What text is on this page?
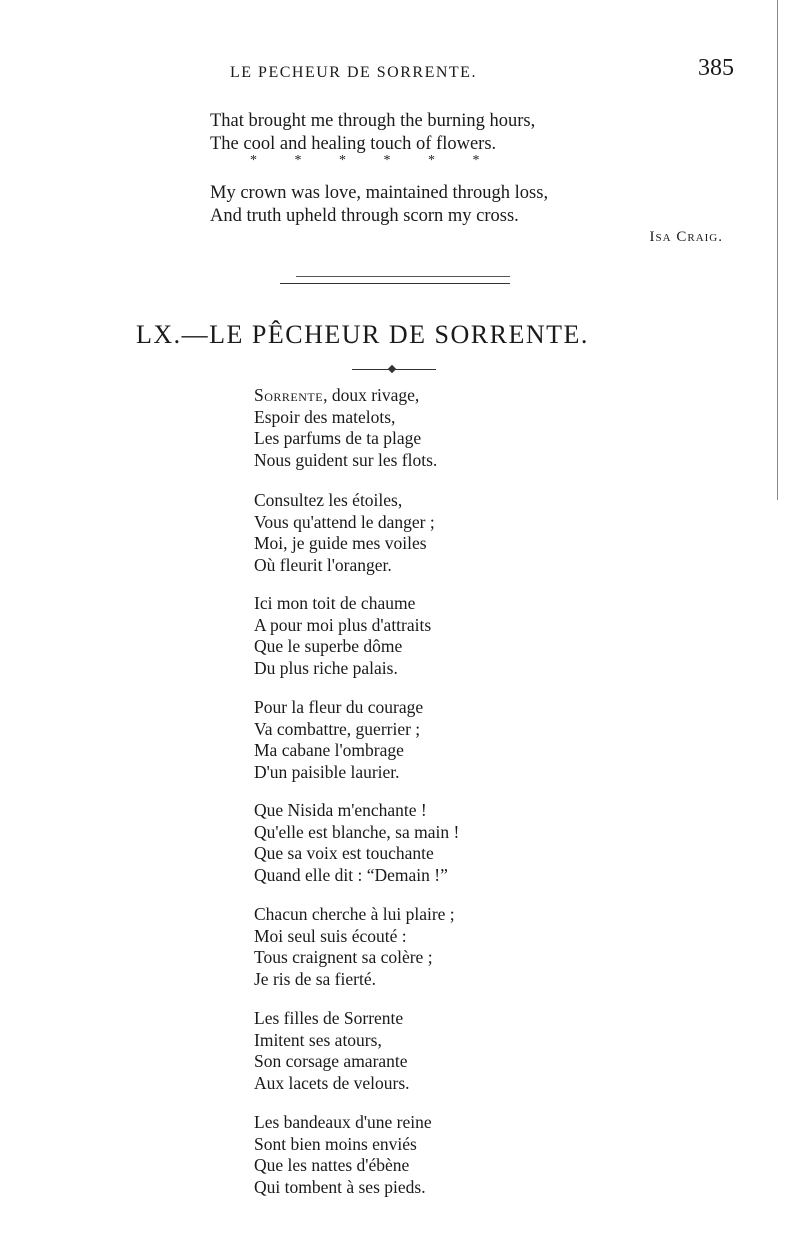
LE PECHEUR DE SORRENTE.	385
That brought me through the burning hours,
The cool and healing touch of flowers.
* * * * * *
My crown was love, maintained through loss,
And truth upheld through scorn my cross.
Isa Craig.
LX.—LE PÊCHEUR DE SORRENTE.
Sorrente, doux rivage,
Espoir des matelots,
Les parfums de ta plage
Nous guident sur les flots.
Consultez les étoiles,
Vous qu'attend le danger ;
Moi, je guide mes voiles
Où fleurit l'oranger.
Ici mon toit de chaume
A pour moi plus d'attraits
Que le superbe dôme
Du plus riche palais.
Pour la fleur du courage
Va combattre, guerrier ;
Ma cabane l'ombrage
D'un paisible laurier.
Que Nisida m'enchante !
Qu'elle est blanche, sa main !
Que sa voix est touchante
Quand elle dit : “Demain !”
Chacun cherche à lui plaire ;
Moi seul suis écouté :
Tous craignent sa colère ;
Je ris de sa fierté.
Les filles de Sorrente
Imitent ses atours,
Son corsage amarante
Aux lacets de velours.
Les bandeaux d'une reine
Sont bien moins enviés
Que les nattes d'ébène
Qui tombent à ses pieds.
